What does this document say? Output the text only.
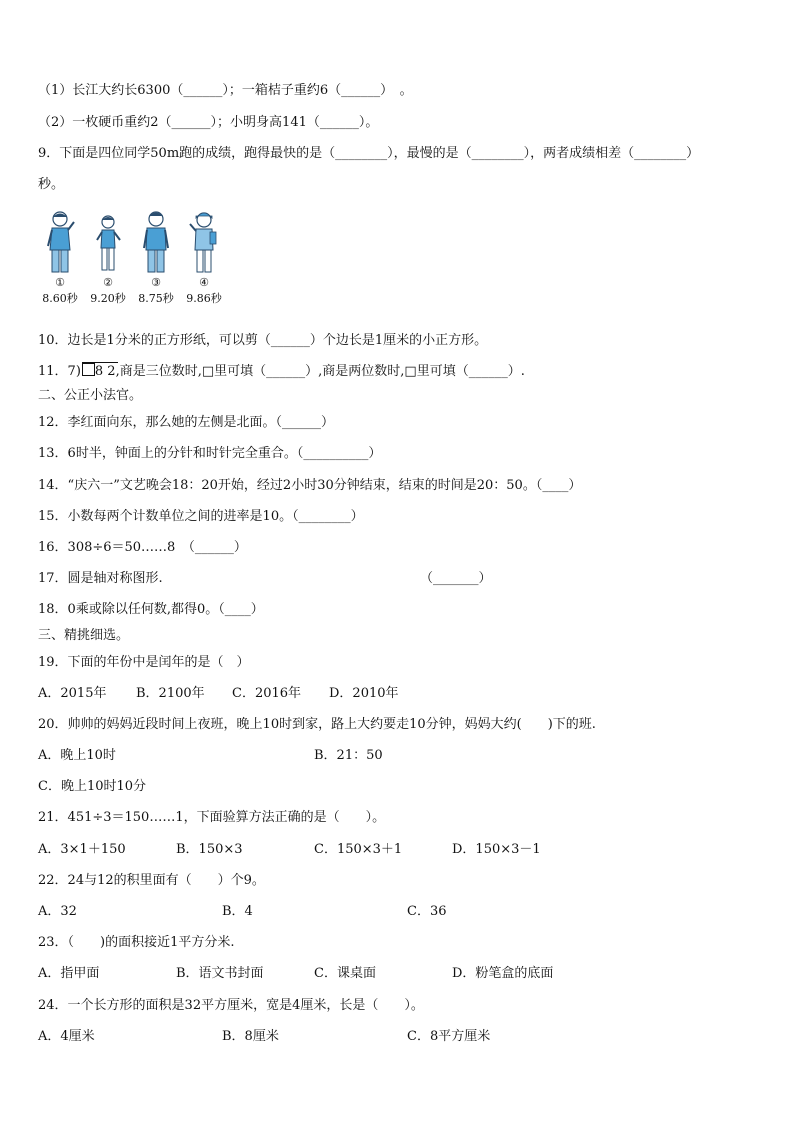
（1）长江大约长6300（______）；一箱桔子重约6（______）　。
（2）一枚硬币重约2（______）；小明身高141（______）。
9．下面是四位同学50m跑的成绩，跑得最快的是（________），最慢的是（________），两者成绩相差（________）
秒。
①
8.60秒
②
9.20秒
③
8.75秒
④
9.86秒
10．边长是1分米的正方形纸，可以剪（______）个边长是1厘米的小正方形。
11．7
) 8 2,商是三位数时,□里可填（______）,商是两位数时,□里可填（______）.
二、公正小法官。
12．李红面向东，那么她的左侧是北面。（______）
13．6时半，钟面上的分针和时针完全重合。（__________）
14．“庆六一”文艺晚会18：20开始，经过2小时30分钟结束，结束的时间是20：50。（____）
15．小数每两个计数单位之间的进率是10。（________）
16．308÷6＝50……8　（______）
17．圆是轴对称图形.	（_______）
18．0乘或除以任何数,都得0。（____）
三、精挑细选。
19．下面的年份中是闰年的是（　）
A．2015年 B．2100年 C．2016年 D．2010年
20．帅帅的妈妈近段时间上夜班，晚上10时到家，路上大约要走10分钟，妈妈大约(　　)下的班.
A．晚上10时	B．21：50
C．晚上10时10分
21．451÷3＝150……1，下面验算方法正确的是（　　）。
A．3×1＋150	B．150×3	C．150×3＋1	D．150×3－1
22．24与12的积里面有（　　）个9。
A．32	B．4	C．36
23．（　　)的面积接近1平方分米.
A．指甲面	B．语文书封面	C．课桌面	D．粉笔盒的底面
24．一个长方形的面积是32平方厘米，宽是4厘米，长是（　　）。
A．4厘米	B．8厘米	C．8平方厘米
